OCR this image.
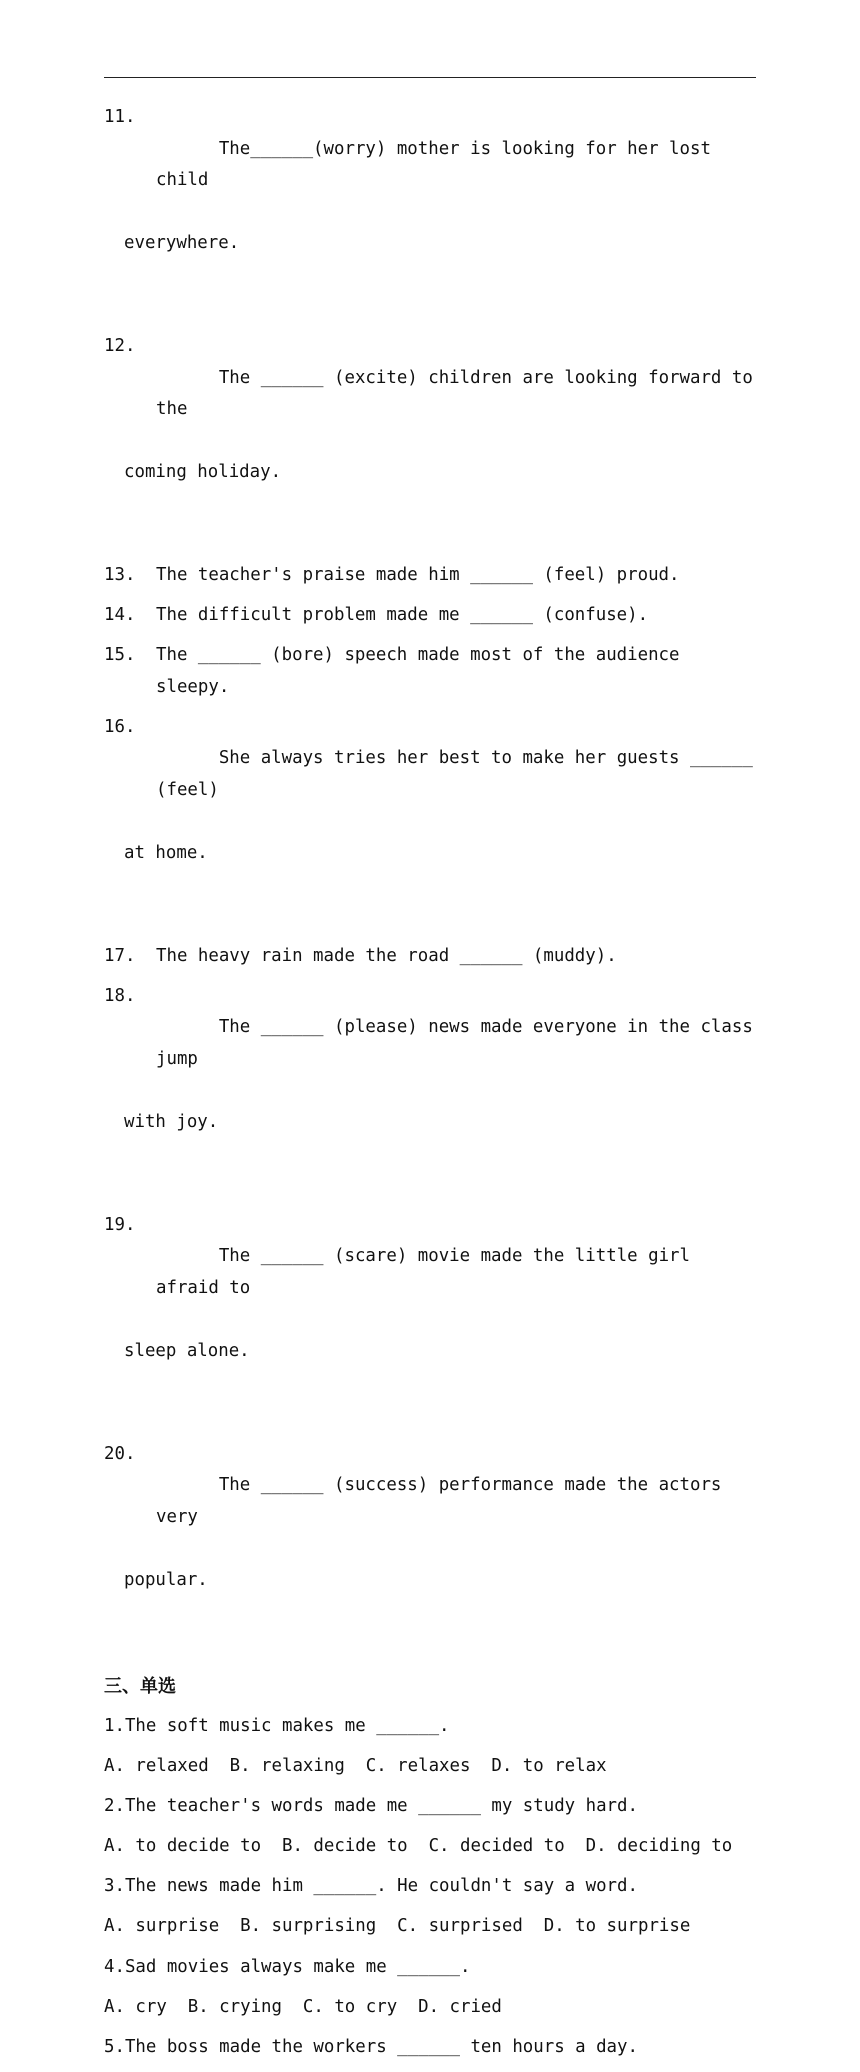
11.

The______(worry) mother is looking for her lost child

everywhere.

12.

The ______ (excite) children are looking forward to the

coming holiday.

13.	The teacher's praise made him ______ (feel) proud.
14.	The difficult problem made me ______ (confuse).
15.	The ______ (bore) speech made most of the audience sleepy.
16.

She always tries her best to make her guests ______ (feel)

at home.

17.	The heavy rain made the road ______ (muddy).
18.

The ______ (please) news made everyone in the class jump

with joy.

19.

The ______ (scare) movie made the little girl afraid to

sleep alone.

20.

The ______ (success) performance made the actors very

popular.

三、单选
1.The soft music makes me ______.
A. relaxed  B. relaxing  C. relaxes  D. to relax
2.The teacher's words made me ______ my study hard.
A. to decide to  B. decide to  C. decided to  D. deciding to
3.The news made him ______. He couldn't say a word.
A. surprise  B. surprising  C. surprised  D. to surprise
4.Sad movies always make me ______.
A. cry  B. crying  C. to cry  D. cried
5.The boss made the workers ______ ten hours a day.
